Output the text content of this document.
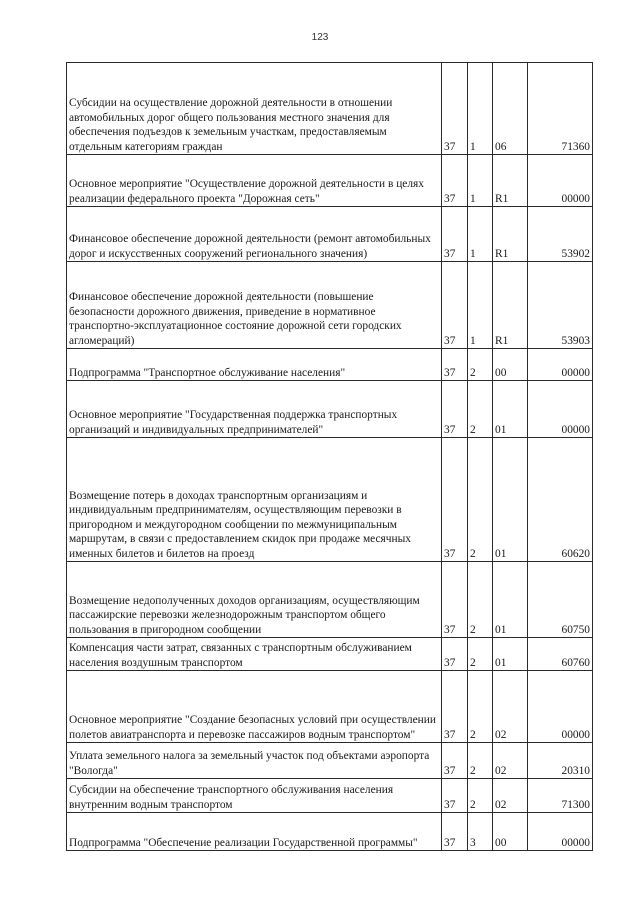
123
Субсидии на осуществление дорожной деятельности в отношении автомобильных дорог общего пользования местного значения для обеспечения подъездов к земельным участкам, предоставляемым отдельным категориям граждан	37	1	06	71360
Основное мероприятие "Осуществление дорожной деятельности в целях реализации федерального проекта "Дорожная сеть"	37	1	R1	00000
Финансовое обеспечение дорожной деятельности (ремонт автомобильных дорог и искусственных сооружений регионального значения)	37	1	R1	53902
Финансовое обеспечение дорожной деятельности (повышение безопасности дорожного движения, приведение в нормативное транспортно-эксплуатационное состояние дорожной сети городских агломераций)	37	1	R1	53903
Подпрограмма "Транспортное обслуживание населения"	37	2	00	00000
Основное мероприятие "Государственная поддержка транспортных организаций и индивидуальных предпринимателей"	37	2	01	00000
Возмещение потерь в доходах транспортным организациям и индивидуальным предпринимателям, осуществляющим перевозки в пригородном и междугородном сообщении по межмуниципальным маршрутам, в связи с предоставлением скидок при продаже месячных именных билетов и билетов на проезд	37	2	01	60620
Возмещение недополученных доходов организациям, осуществляющим пассажирские перевозки железнодорожным транспортом общего пользования в пригородном сообщении	37	2	01	60750
Компенсация части затрат, связанных с транспортным обслуживанием населения воздушным транспортом	37	2	01	60760
Основное мероприятие "Создание безопасных условий при осуществлении полетов авиатранспорта и перевозке пассажиров водным транспортом"	37	2	02	00000
Уплата земельного налога за земельный участок под объектами аэропорта "Вологда"	37	2	02	20310
Субсидии на обеспечение транспортного обслуживания населения внутренним водным транспортом	37	2	02	71300
Подпрограмма "Обеспечение реализации Государственной программы"	37	3	00	00000
